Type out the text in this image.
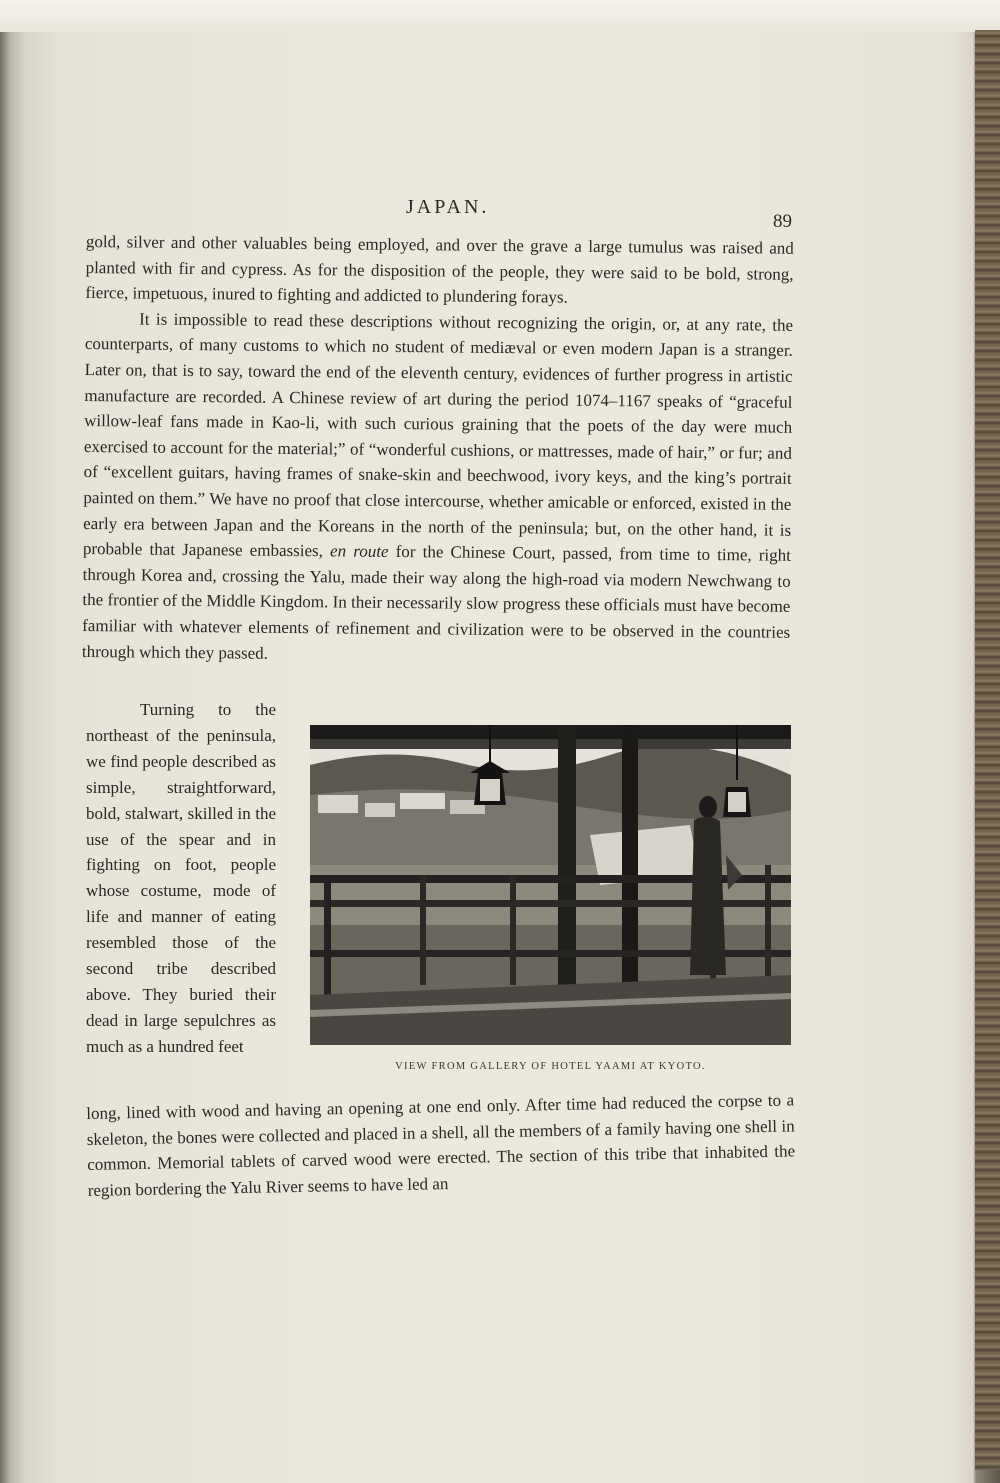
JAPAN.
89

gold, silver and other valuables being employed, and over the grave a large tumulus was raised and planted with fir and cypress. As for the disposition of the people, they were said to be bold, strong, fierce, impetuous, inured to fighting and addicted to plundering forays.

It is impossible to read these descriptions without recognizing the origin, or, at any rate, the counterparts, of many customs to which no student of mediæval or even modern Japan is a stranger. Later on, that is to say, toward the end of the eleventh century, evidences of further progress in artistic manufacture are recorded. A Chinese review of art during the period 1074–1167 speaks of “graceful willow-leaf fans made in Kao-li, with such curious graining that the poets of the day were much exercised to account for the material;” of “wonderful cushions, or mattresses, made of hair,” or fur; and of “excellent guitars, having frames of snake-skin and beechwood, ivory keys, and the king’s portrait painted on them.” We have no proof that close intercourse, whether amicable or enforced, existed in the early era between Japan and the Koreans in the north of the peninsula; but, on the other hand, it is probable that Japanese embassies, en route for the Chinese Court, passed, from time to time, right through Korea and, crossing the Yalu, made their way along the high-road via modern Newchwang to the frontier of the Middle Kingdom. In their necessarily slow progress these officials must have become familiar with whatever elements of refinement and civilization were to be observed in the countries through which they passed.

Turning to the northeast of the peninsula, we find people described as simple, straightforward, bold, stalwart, skilled in the use of the spear and in fighting on foot, people whose costume, mode of life and manner of eating resembled those of the second tribe described above. They buried their dead in large sepulchres as much as a hundred feet

VIEW FROM GALLERY OF HOTEL YAAMI AT KYOTO.

long, lined with wood and having an opening at one end only. After time had reduced the corpse to a skeleton, the bones were collected and placed in a shell, all the members of a family having one shell in common. Memorial tablets of carved wood were erected. The section of this tribe that inhabited the region bordering the Yalu River seems to have led an
